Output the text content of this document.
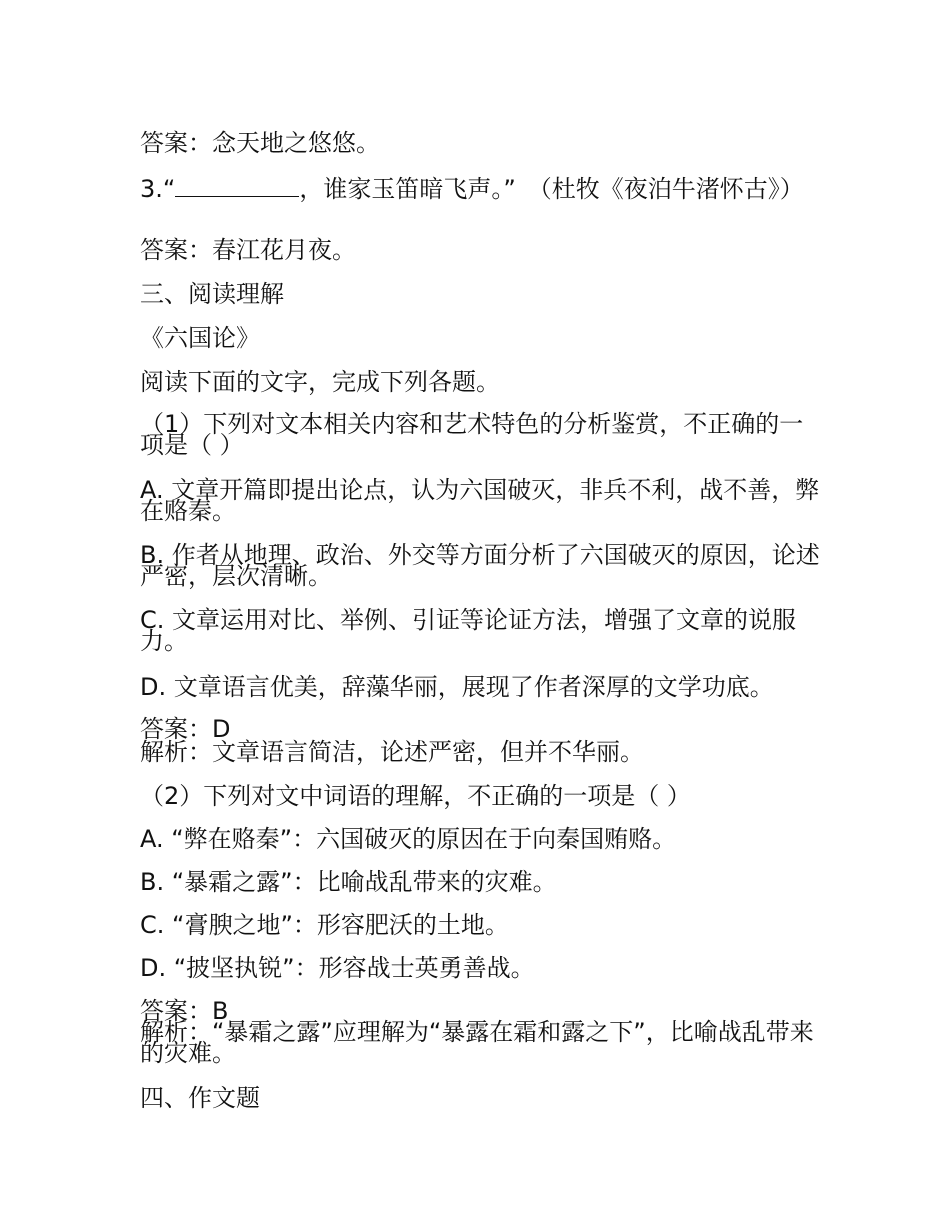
答案：念天地之悠悠。

3.“	，谁家玉笛暗飞声。”　（杜牧《夜泊牛渚怀古》）

答案：春江花月夜。

三、阅读理解

《六国论》

阅读下面的文字，完成下列各题。

（1）下列对文本相关内容和艺术特色的分析鉴赏，不正确的一项是（ ）

A. 文章开篇即提出论点，认为六国破灭，非兵不利，战不善，弊在赂秦。

B. 作者从地理、政治、外交等方面分析了六国破灭的原因，论述严密，层次清晰。

C. 文章运用对比、举例、引证等论证方法，增强了文章的说服力。

D. 文章语言优美，辞藻华丽，展现了作者深厚的文学功底。

答案：D

解析：文章语言简洁，论述严密，但并不华丽。

（2）下列对文中词语的理解，不正确的一项是（ ）

A. “弊在赂秦”：六国破灭的原因在于向秦国贿赂。

B. “暴霜之露”：比喻战乱带来的灾难。

C. “膏腴之地”：形容肥沃的土地。

D. “披坚执锐”：形容战士英勇善战。

答案：B

解析：“暴霜之露”应理解为“暴露在霜和露之下”，比喻战乱带来的灾难。

四、作文题
